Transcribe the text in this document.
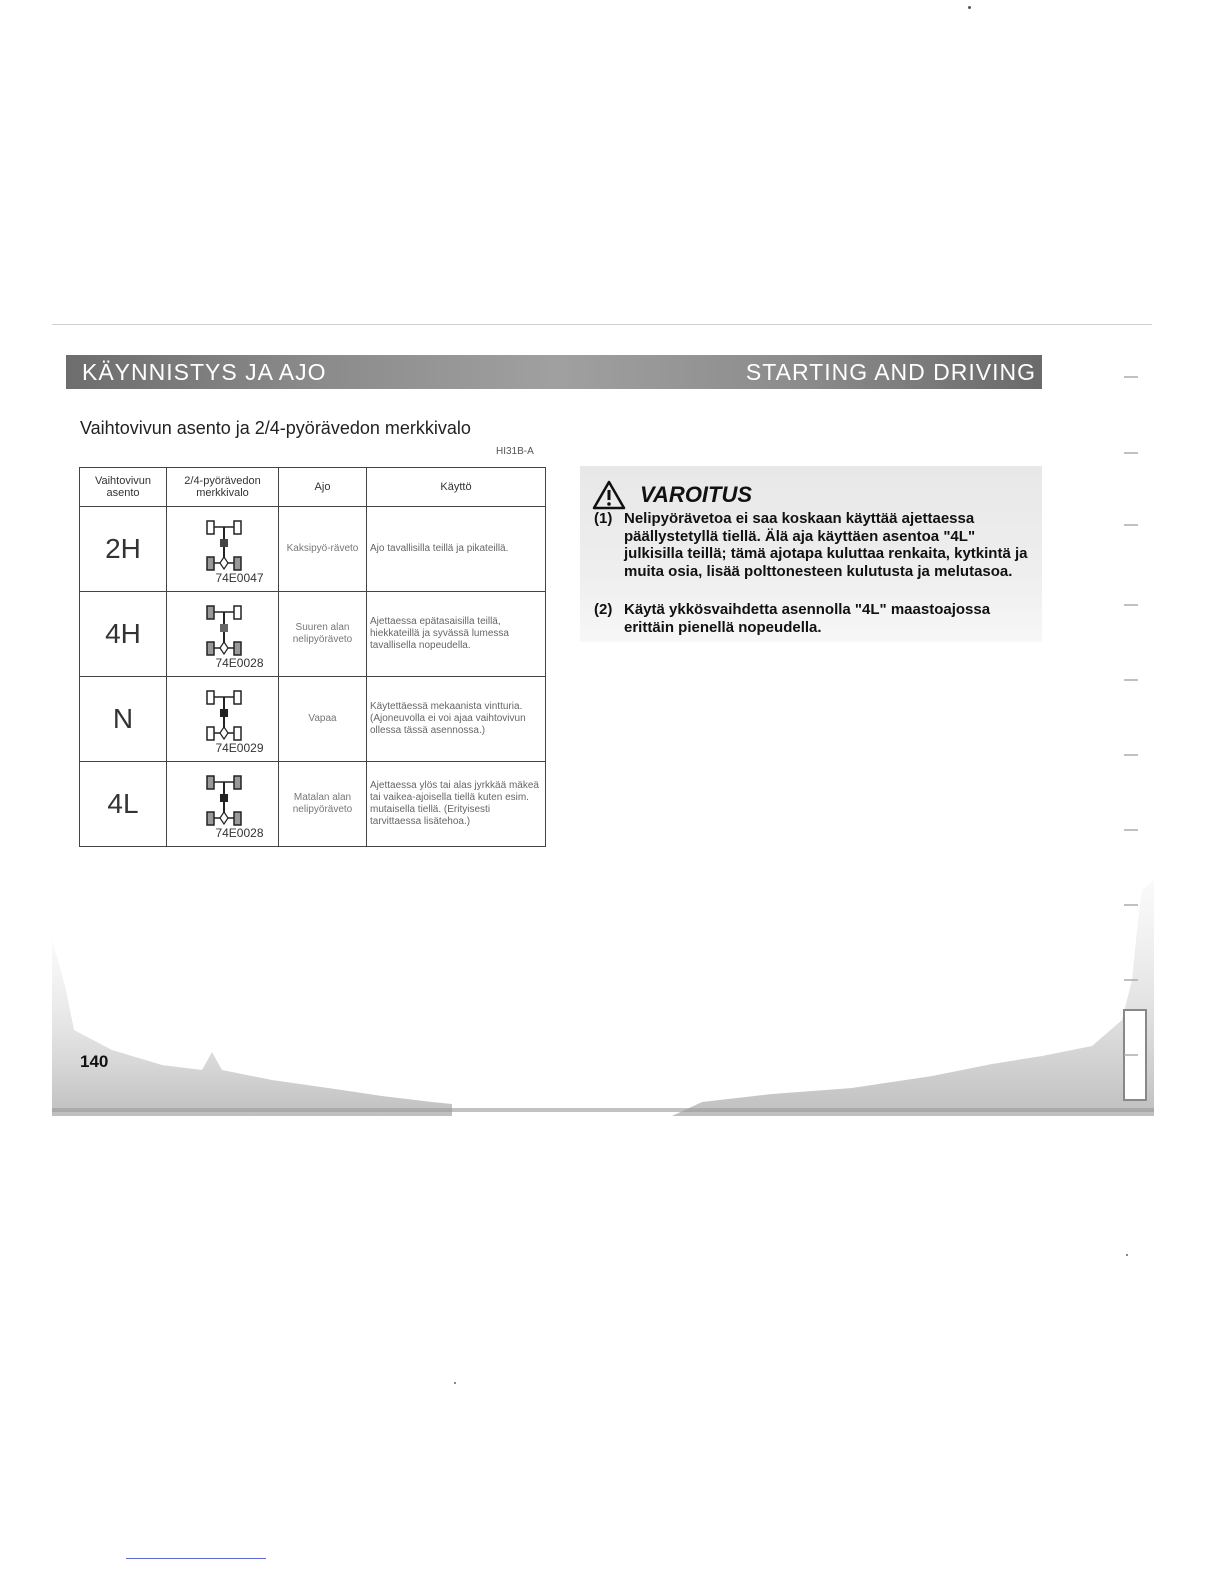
KÄYNNISTYS JA AJO	STARTING AND DRIVING
Vaihtovivun asento ja 2/4-pyörävedon merkkivalo
HI31B-A
Vaihtovivun asento	2/4-pyörävedon merkkivalo	Ajo	Käyttö
2H	74E0047	Kaksipyö-räveto	Ajo tavallisilla teillä ja pikateillä.
4H	74E0028	Suuren alan nelipyöräveto	Ajettaessa epätasaisilla teillä, hiekkateillä ja syvässä lumessa tavallisella nopeudella.
N	74E0029	Vapaa	Käytettäessä mekaanista vintturia. (Ajoneuvolla ei voi ajaa vaihtovivun ollessa tässä asennossa.)
4L	74E0028	Matalan alan nelipyöräveto	Ajettaessa ylös tai alas jyrkkää mäkeä tai vaikea-ajoisella tiellä kuten esim. mutaisella tiellä. (Erityisesti tarvittaessa lisätehoa.)
VAROITUS
(1) Nelipyörävetoa ei saa koskaan käyttää ajettaessa päällystetyllä tiellä. Älä aja käyttäen asentoa "4L" julkisilla teillä; tämä ajotapa kuluttaa renkaita, kytkintä ja muita osia, lisää polttonesteen kulutusta ja melutasoa.
(2) Käytä ykkösvaihdetta asennolla "4L" maastoajossa erittäin pienellä nopeudella.
140
